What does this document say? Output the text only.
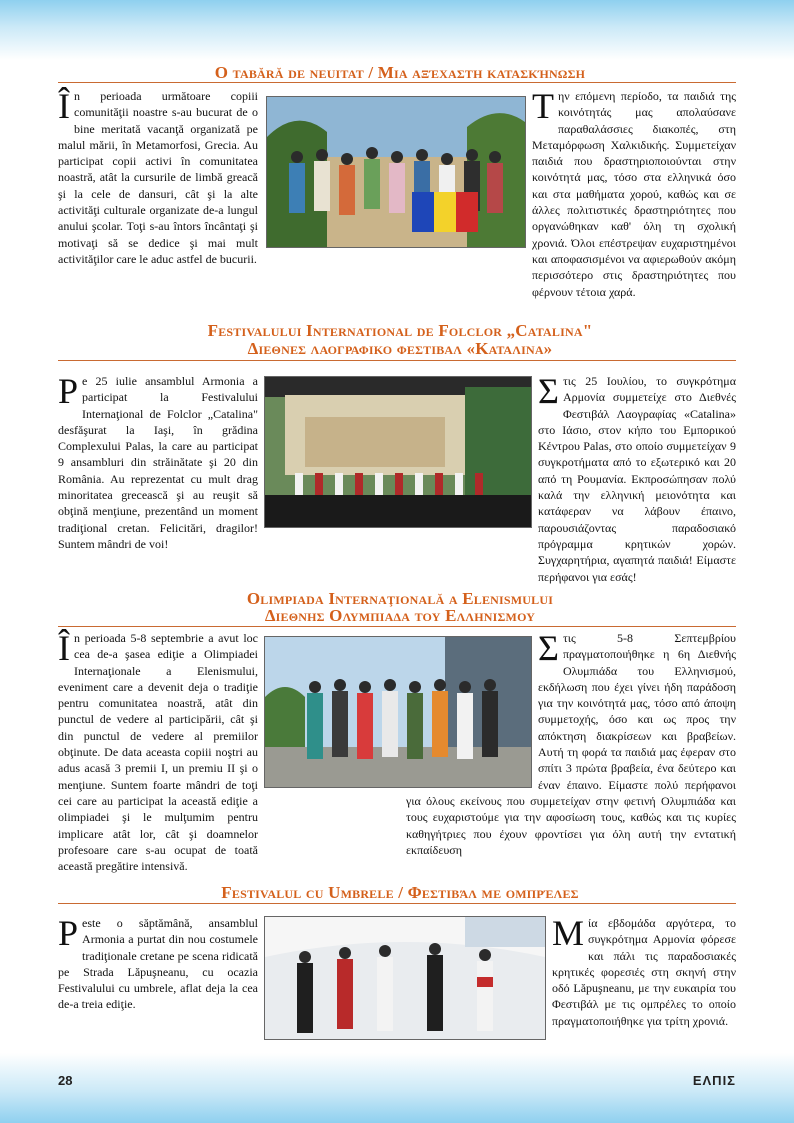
O tabără de neuitat / Μια αξέχαστη κατασκήνωση
În perioada următoare copiii comunităţii noastre s-au bucurat de o bine meritată vacanţă organizată pe malul mării, în Metamorfosi, Grecia. Au participat copii activi în comunitatea noastră, atât la cursurile de limbă greacă şi la cele de dansuri, cât şi la alte activităţi culturale organizate de-a lungul anului şcolar. Toţi s-au întors încântaţi şi motivaţi să se dedice şi mai mult activităţilor care le aduc astfel de bucurii.
Την επόμενη περίοδο, τα παιδιά της κοινότητάς μας απολαύσανε παραθαλάσσιες διακοπές, στη Μεταμόρφωση Χαλκιδικής. Συμμετείχαν παιδιά που δραστηριοποιούνται στην κοινότητά μας, τόσο στα ελληνικά όσο και στα μαθήματα χορού, καθώς και σε άλλες πολιτιστικές δραστηριότητες που οργανώθηκαν καθ' όλη τη σχολική χρονιά. Όλοι επέστρεψαν ευχαριστημένοι και αποφασισμένοι να αφιερωθούν ακόμη περισσότερο στις δραστηριότητες που φέρνουν τέτοια χαρά.
Festivalului International de Folclor „Catalina"
Διεθνες λαογραφικο φεστιβαλ «Καταλινα»
Pe 25 iulie ansamblul Armonia a participat la Festivalului Internaţional de Folclor „Catalina" desfăşurat la Iaşi, în grădina Complexului Palas, la care au participat 9 ansambluri din străinătate şi 20 din România. Au reprezentat cu mult drag minoritatea grecească şi au reuşit să obţină menţiune, prezentând un moment tradiţional cretan. Felicitări, dragilor! Suntem mândri de voi!
Στις 25 Ιουλίου, το συγκρότημα Αρμονία συμμετείχε στο Διεθνές Φεστιβάλ Λαογραφίας «Catalina» στο Ιάσιο, στον κήπο του Εμπορικού Κέντρου Palas, στο οποίο συμμετείχαν 9 συγκροτήματα από το εξωτερικό και 20 από τη Ρουμανία. Εκπροσώπησαν πολύ καλά την ελληνική μειονότητα και κατάφεραν να λάβουν έπαινο, παρουσιάζοντας παραδοσιακό πρόγραμμα κρητικών χορών. Συγχαρητήρια, αγαπητά παιδιά! Είμαστε περήφανοι για εσάς!
Olimpiada Internaţională a Elenismului
Διεθνης Ολυμπιαδα του Ελληνισμου
În perioada 5-8 septembrie a avut loc cea de-a şasea ediţie a Olimpiadei Internaţionale a Elenismului, eveniment care a devenit deja o tradiţie pentru comunitatea noastră, atât din punctul de vedere al participării, cât şi din punctul de vedere al premiilor obţinute. De data aceasta copiii noştri au adus acasă 3 premii I, un premiu II şi o menţiune. Suntem foarte mândri de toţi cei care au participat la această ediţie a olimpiadei şi le mulţumim pentru implicare atât lor, cât şi doamnelor profesoare care s-au ocupat de toată această pregătire intensivă.
Στις 5-8 Σεπτεμβρίου πραγματοποιήθηκε η 6η Διεθνής Ολυμπιάδα του Ελληνισμού, εκδήλωση που έχει γίνει ήδη παράδοση για την κοινότητά μας, τόσο από άποψη συμμετοχής, όσο και ως προς την απόκτηση διακρίσεων και βραβείων. Αυτή τη φορά τα παιδιά μας έφεραν στο σπίτι 3 πρώτα βραβεία, ένα δεύτερο και έναν έπαινο. Είμαστε πολύ περήφανοι για όλους εκείνους που συμμετείχαν στην φετινή Ολυμπιάδα και τους ευχαριστούμε για την αφοσίωση τους, καθώς και τις κυρίες καθηγήτριες που έχουν φροντίσει για όλη αυτή την εντατική εκπαίδευση
Festivalul cu Umbrele / Φεστιβάλ με ομπρέλες
Peste o săptămână, ansamblul Armonia a purtat din nou costumele tradiţionale cretane pe scena ridicată pe Strada Lăpuşneanu, cu ocazia Festivalului cu umbrele, aflat deja la cea de-a treia ediţie.
Μία εβδομάδα αργότερα, το συγκρότημα Αρμονία φόρεσε και πάλι τις παραδοσιακές κρητικές φορεσιές στη σκηνή στην οδό Lăpuşneanu, με την ευκαιρία του Φεστιβάλ με τις ομπρέλες το οποίο πραγματοποιήθηκε για τρίτη χρονιά.
28	ΕΛΠΙΣ
